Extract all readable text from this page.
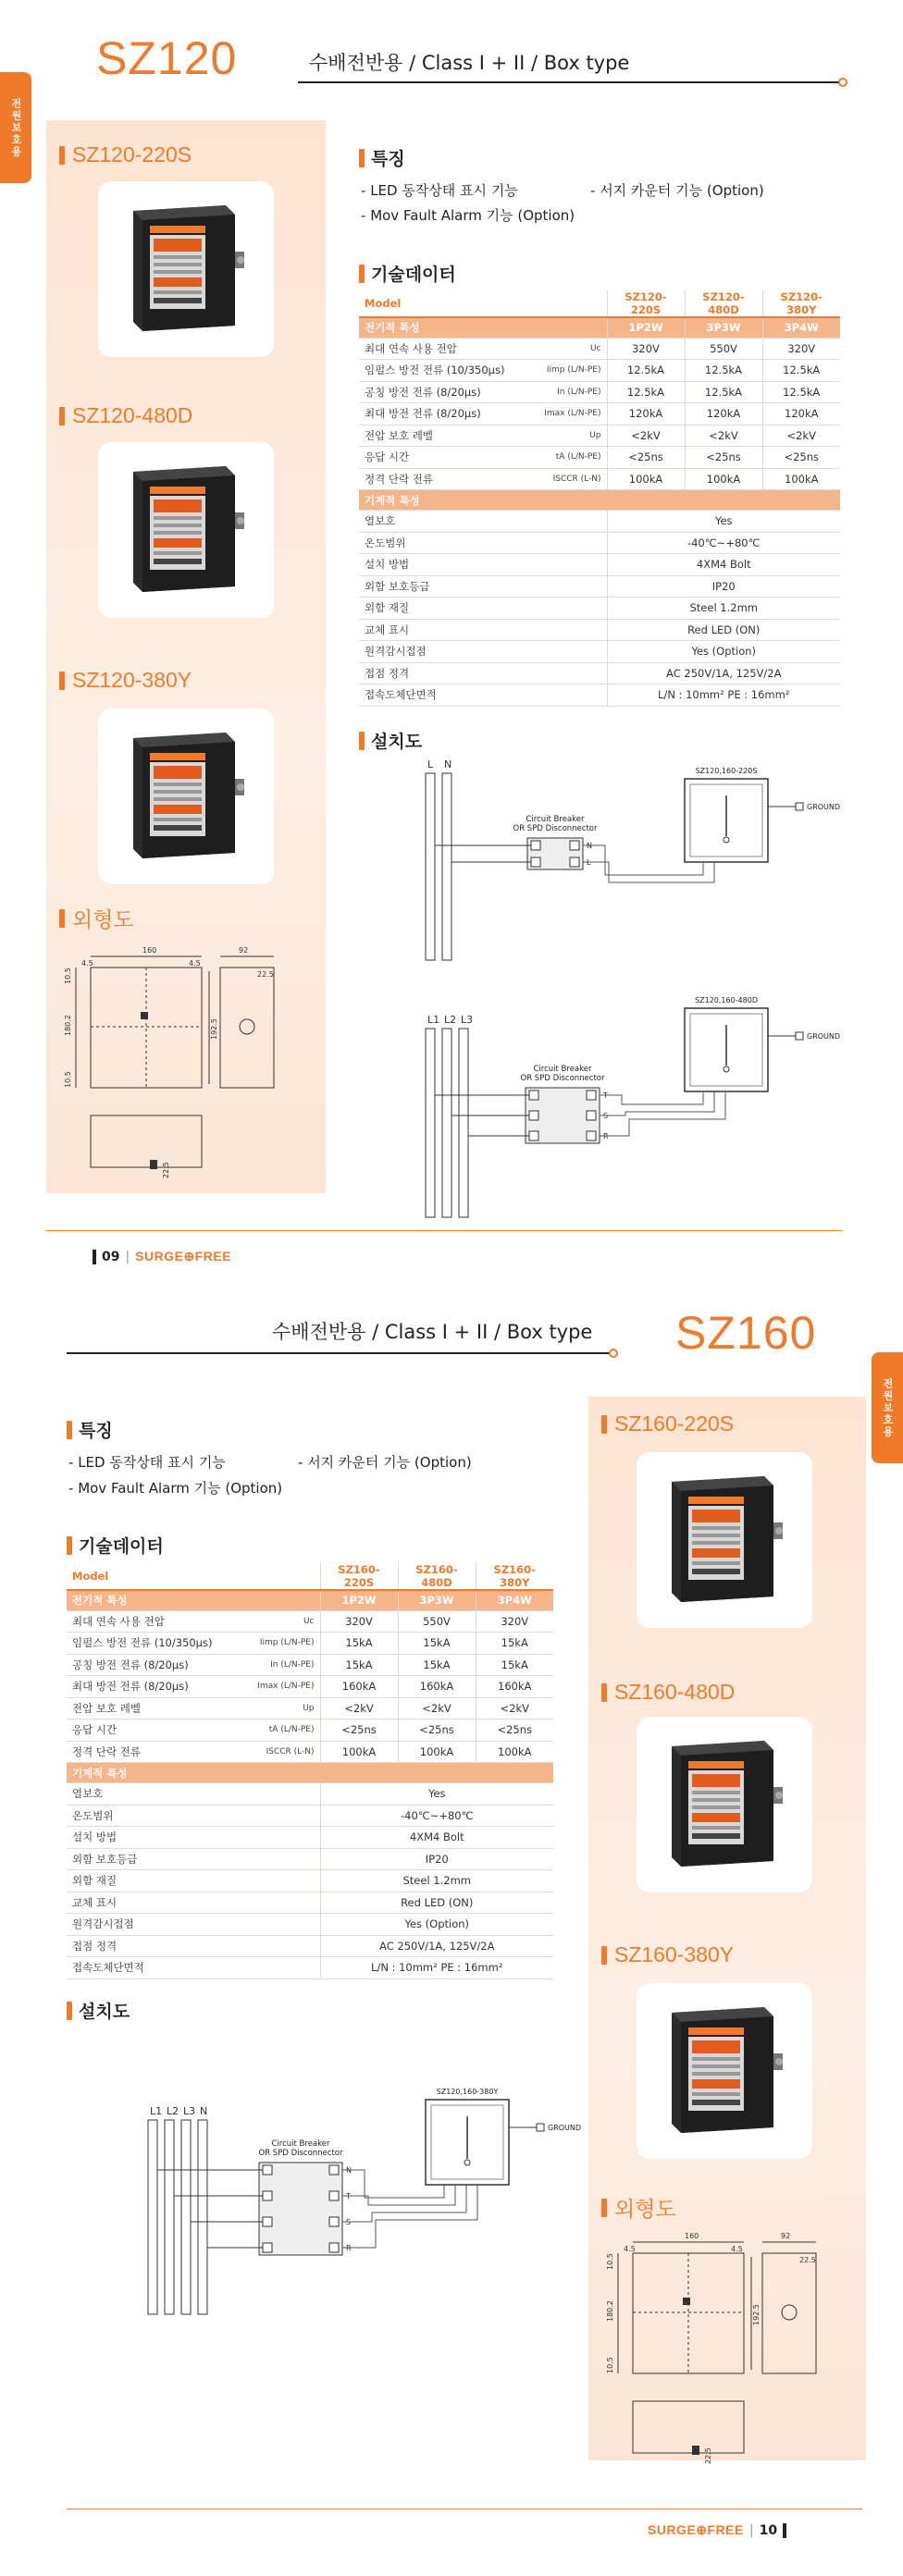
전원보호용
SZ120	수배전반용 / Class I + II / Box type
SZ120-220S
SZ120-480D
SZ120-380Y
외형도
160	92
4.5	4.5
22.5
180.2	192.5
10.5
10.5
22.5
특징
- LED 동작상태 표시 기능	- 서지 카운터 기능 (Option)
- Mov Fault Alarm 기능 (Option)
기술데이터
Model		SZ120-220S	SZ120-480D	SZ120-380Y
전기적 특성		1P2W	3P3W	3P4W
최대 연속 사용 전압	Uc	320V	550V	320V
임펄스 방전 전류 (10/350μs)	Iimp (L/N-PE)	12.5kA	12.5kA	12.5kA
공칭 방전 전류 (8/20μs)	In (L/N-PE)	12.5kA	12.5kA	12.5kA
최대 방전 전류 (8/20μs)	Imax (L/N-PE)	120kA	120kA	120kA
전압 보호 레벨	Up	<2kV	<2kV	<2kV
응답 시간	tA (L/N-PE)	<25ns	<25ns	<25ns
정격 단락 전류	ISCCR (L-N)	100kA	100kA	100kA
기계적 특성				
열보호		Yes		
온도범위		-40℃~+80℃		
설치 방법		4XM4 Bolt		
외함 보호등급		IP20		
외함 재질		Steel 1.2mm		
교체 표시		Red LED (ON)		
원격감시접점		Yes (Option)		
접점 정격		AC 250V/1A, 125V/2A		
접속도체단면적		L/N : 10mm² PE : 16mm²		
설치도
L N
Circuit Breaker
OR SPD Disconnector
SZ120,160-220S
GROUND
N
L
L1 L2 L3
Circuit Breaker
OR SPD Disconnector
SZ120,160-480D
GROUND
T
S
R
09 | SURGE⊕FREE
수배전반용 / Class I + II / Box type SZ160
전원보호용
SZ160-220S
SZ160-480D
SZ160-380Y
외형도
160	92
4.5	4.5
22.5
180.2	192.5
10.5
10.5
22.5
특징
- LED 동작상태 표시 기능	- 서지 카운터 기능 (Option)
- Mov Fault Alarm 기능 (Option)
기술데이터
Model		SZ160-220S	SZ160-480D	SZ160-380Y
전기적 특성		1P2W	3P3W	3P4W
최대 연속 사용 전압	Uc	320V	550V	320V
임펄스 방전 전류 (10/350μs)	Iimp (L/N-PE)	15kA	15kA	15kA
공칭 방전 전류 (8/20μs)	In (L/N-PE)	15kA	15kA	15kA
최대 방전 전류 (8/20μs)	Imax (L/N-PE)	160kA	160kA	160kA
전압 보호 레벨	Up	<2kV	<2kV	<2kV
응답 시간	tA (L/N-PE)	<25ns	<25ns	<25ns
정격 단락 전류	ISCCR (L-N)	100kA	100kA	100kA
기계적 특성				
열보호		Yes		
온도범위		-40℃~+80℃		
설치 방법		4XM4 Bolt		
외함 보호등급		IP20		
외함 재질		Steel 1.2mm		
교체 표시		Red LED (ON)		
원격감시접점		Yes (Option)		
접점 정격		AC 250V/1A, 125V/2A		
접속도체단면적		L/N : 10mm² PE : 16mm²		
설치도
L1 L2 L3 N
Circuit Breaker
OR SPD Disconnector
SZ120,160-380Y
GROUND
N
T
S
R
SURGE⊕FREE | 10
